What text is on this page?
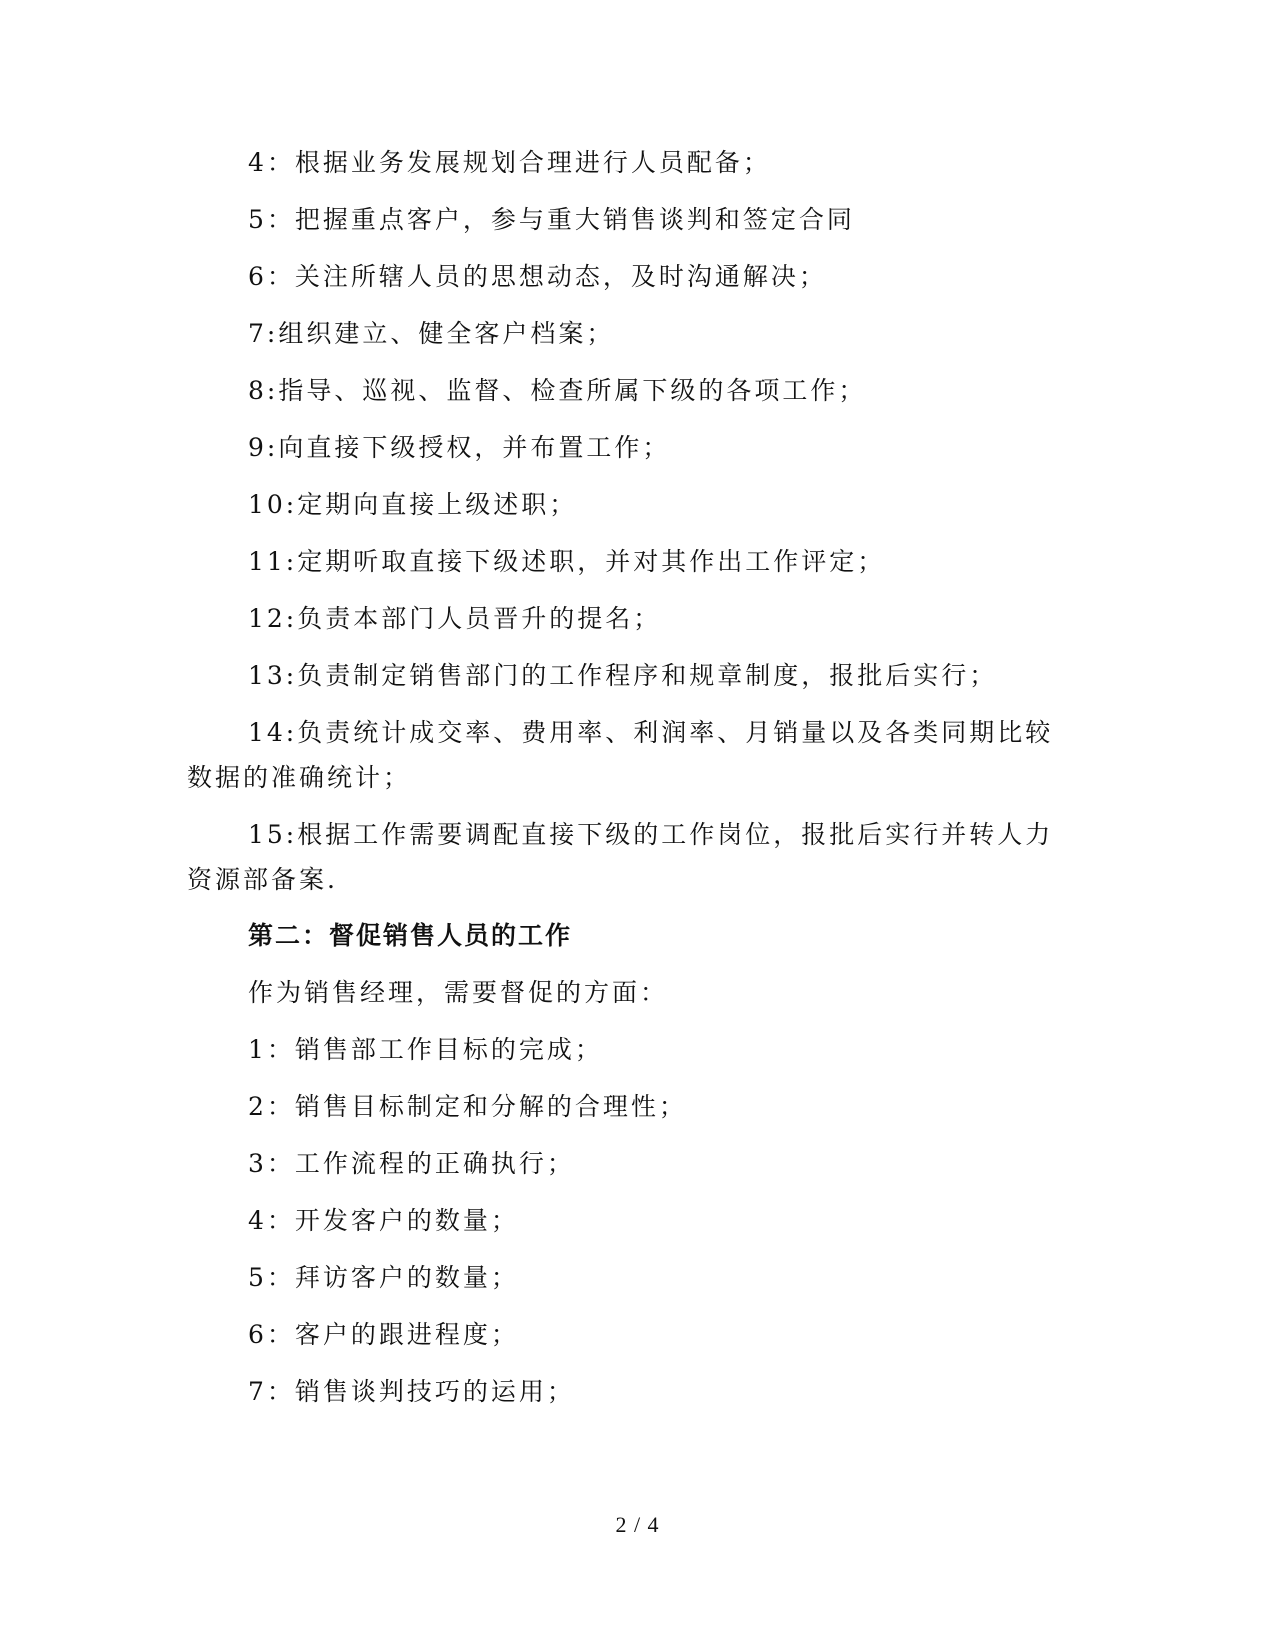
4：根据业务发展规划合理进行人员配备；
5：把握重点客户，参与重大销售谈判和签定合同
6：关注所辖人员的思想动态，及时沟通解决；
7:组织建立、健全客户档案；
8:指导、巡视、监督、检查所属下级的各项工作；
9:向直接下级授权，并布置工作；
10:定期向直接上级述职；
11:定期听取直接下级述职，并对其作出工作评定；
12:负责本部门人员晋升的提名；
13:负责制定销售部门的工作程序和规章制度，报批后实行；
14:负责统计成交率、费用率、利润率、月销量以及各类同期比较
数据的准确统计；
15:根据工作需要调配直接下级的工作岗位，报批后实行并转人力
资源部备案.
第二：督促销售人员的工作
作为销售经理，需要督促的方面：
1：销售部工作目标的完成；
2：销售目标制定和分解的合理性；
3：工作流程的正确执行；
4：开发客户的数量；
5：拜访客户的数量；
6：客户的跟进程度；
7：销售谈判技巧的运用；
2 / 4
